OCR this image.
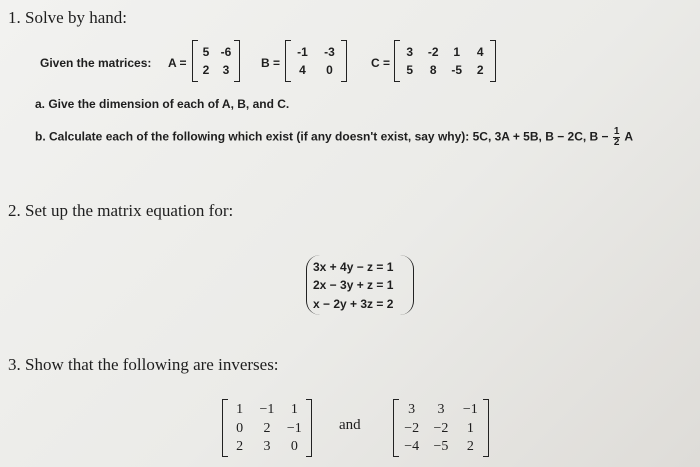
1. Solve by hand:
Given the matrices: A =
5 -6
2 3
B =
-1 -3
4 0
C =
3 -2 1 4
5 8 -5 2
a. Give the dimension of each of A, B, and C.
b. Calculate each of the following which exist (if any doesn't exist, say why): 5C, 3A + 5B, B − 2C, $B - \frac{1}{2}$ A
2. Set up the matrix equation for:
3x + 4y − z = 1
2x − 3y + z = 1
x − 2y + 3z = 2
3. Show that the following are inverses:
1 −1 1
0 2 −1
2 3 0
and
3 3 −1
−2 −2 1
−4 −5 2
